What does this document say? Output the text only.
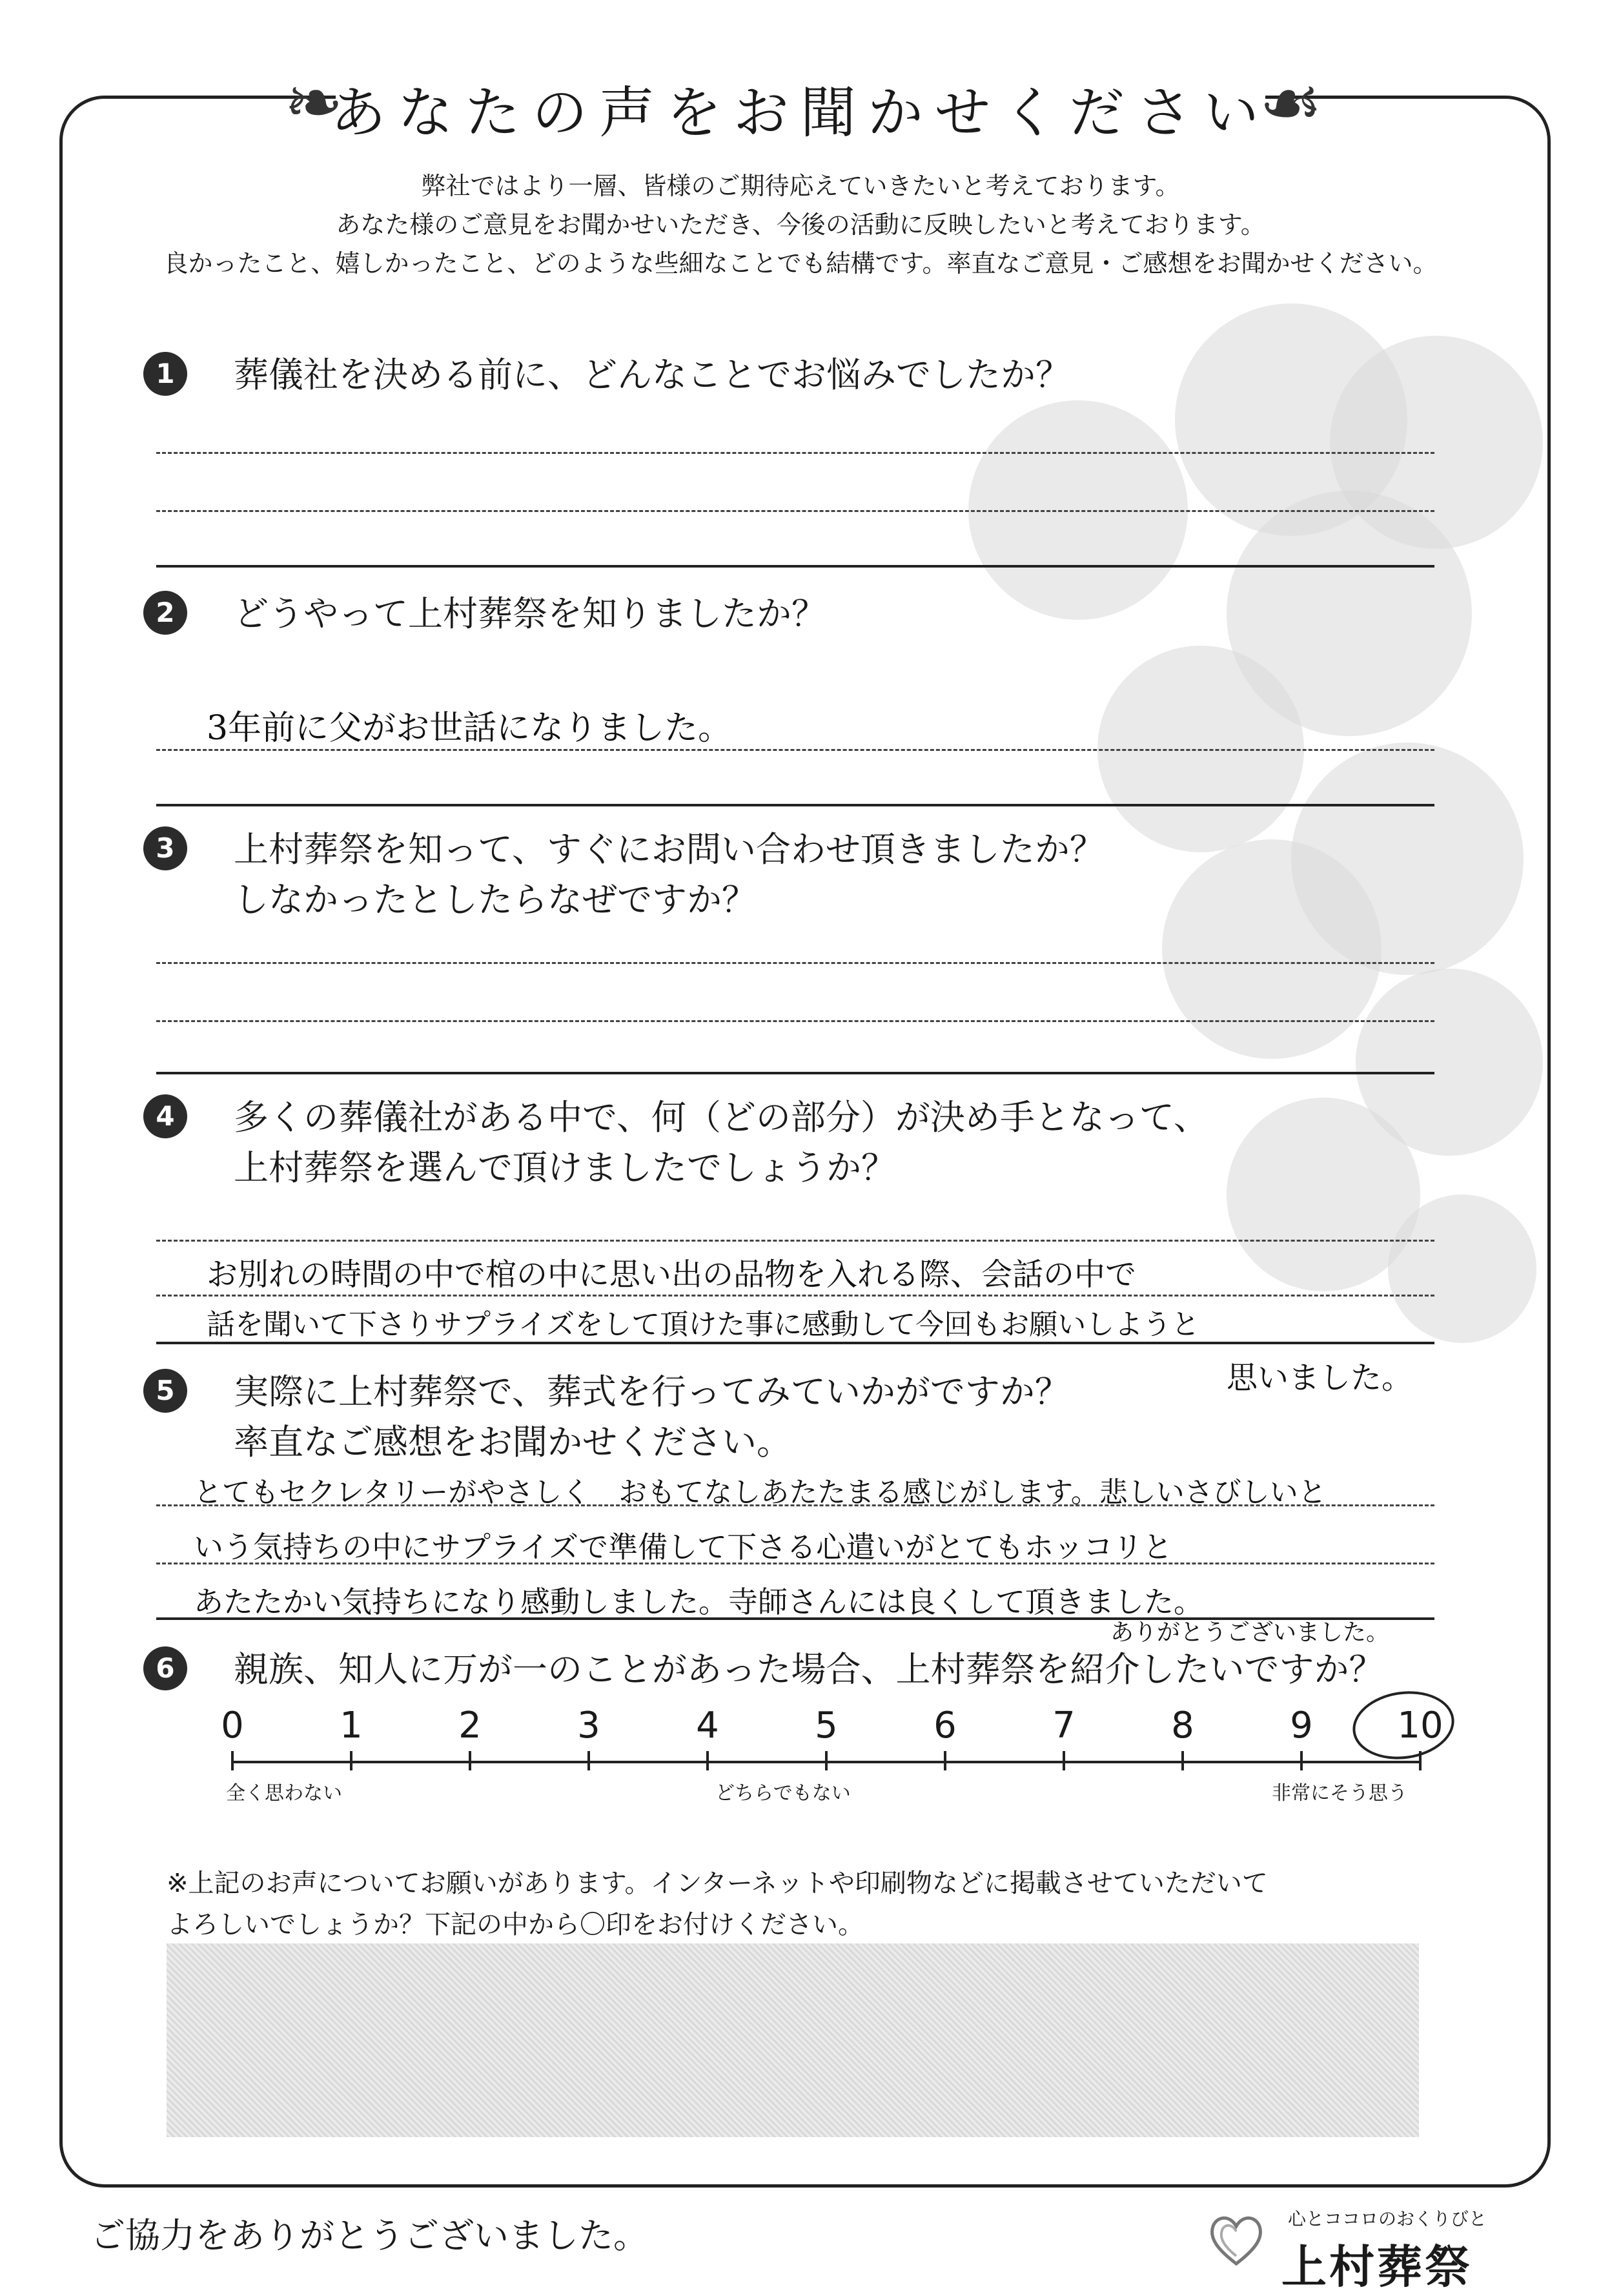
❧	☙
あなたの声をお聞かせください
弊社ではより一層、皆様のご期待応えていきたいと考えております。
あなた様のご意見をお聞かせいただき、今後の活動に反映したいと考えております。
良かったこと、嬉しかったこと、どのような些細なことでも結構です。率直なご意見・ご感想をお聞かせください。
1	葬儀社を決める前に、どんなことでお悩みでしたか？
2	どうやって上村葬祭を知りましたか？
3年前に父がお世話になりました。
3	上村葬祭を知って、すぐにお問い合わせ頂きましたか？
しなかったとしたらなぜですか？
4	多くの葬儀社がある中で、何（どの部分）が決め手となって、
上村葬祭を選んで頂けましたでしょうか？
お別れの時間の中で棺の中に思い出の品物を入れる際、会話の中で
話を聞いて下さりサプライズをして頂けた事に感動して今回もお願いしようと
思いました。
5	実際に上村葬祭で、葬式を行ってみていかがですか？
率直なご感想をお聞かせください。
とてもセクレタリーがやさしく　おもてなしあたたまる感じがします。悲しいさびしいと
いう気持ちの中にサプライズで準備して下さる心遣いがとてもホッコリと
あたたかい気持ちになり感動しました。寺師さんには良くして頂きました。
ありがとうございました。
6	親族、知人に万が一のことがあった場合、上村葬祭を紹介したいですか？
0	1	2	3	4	5	6	7	8	9	10
全く思わない	どちらでもない	非常にそう思う
※上記のお声についてお願いがあります。インターネットや印刷物などに掲載させていただいて
よろしいでしょうか？下記の中から〇印をお付けください。
ご協力をありがとうございました。	心とココロのおくりびと
上村葬祭
